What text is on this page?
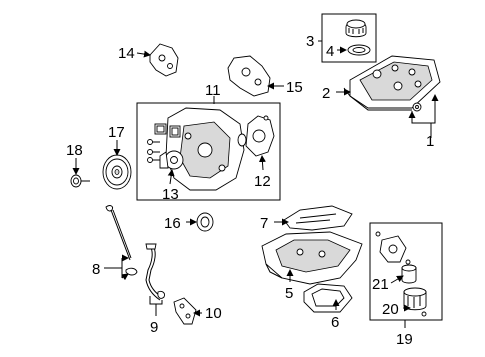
1
2
3
4
5
6
7
8
9
10
11
12
13
14
15
16
17
18
19
20
21
